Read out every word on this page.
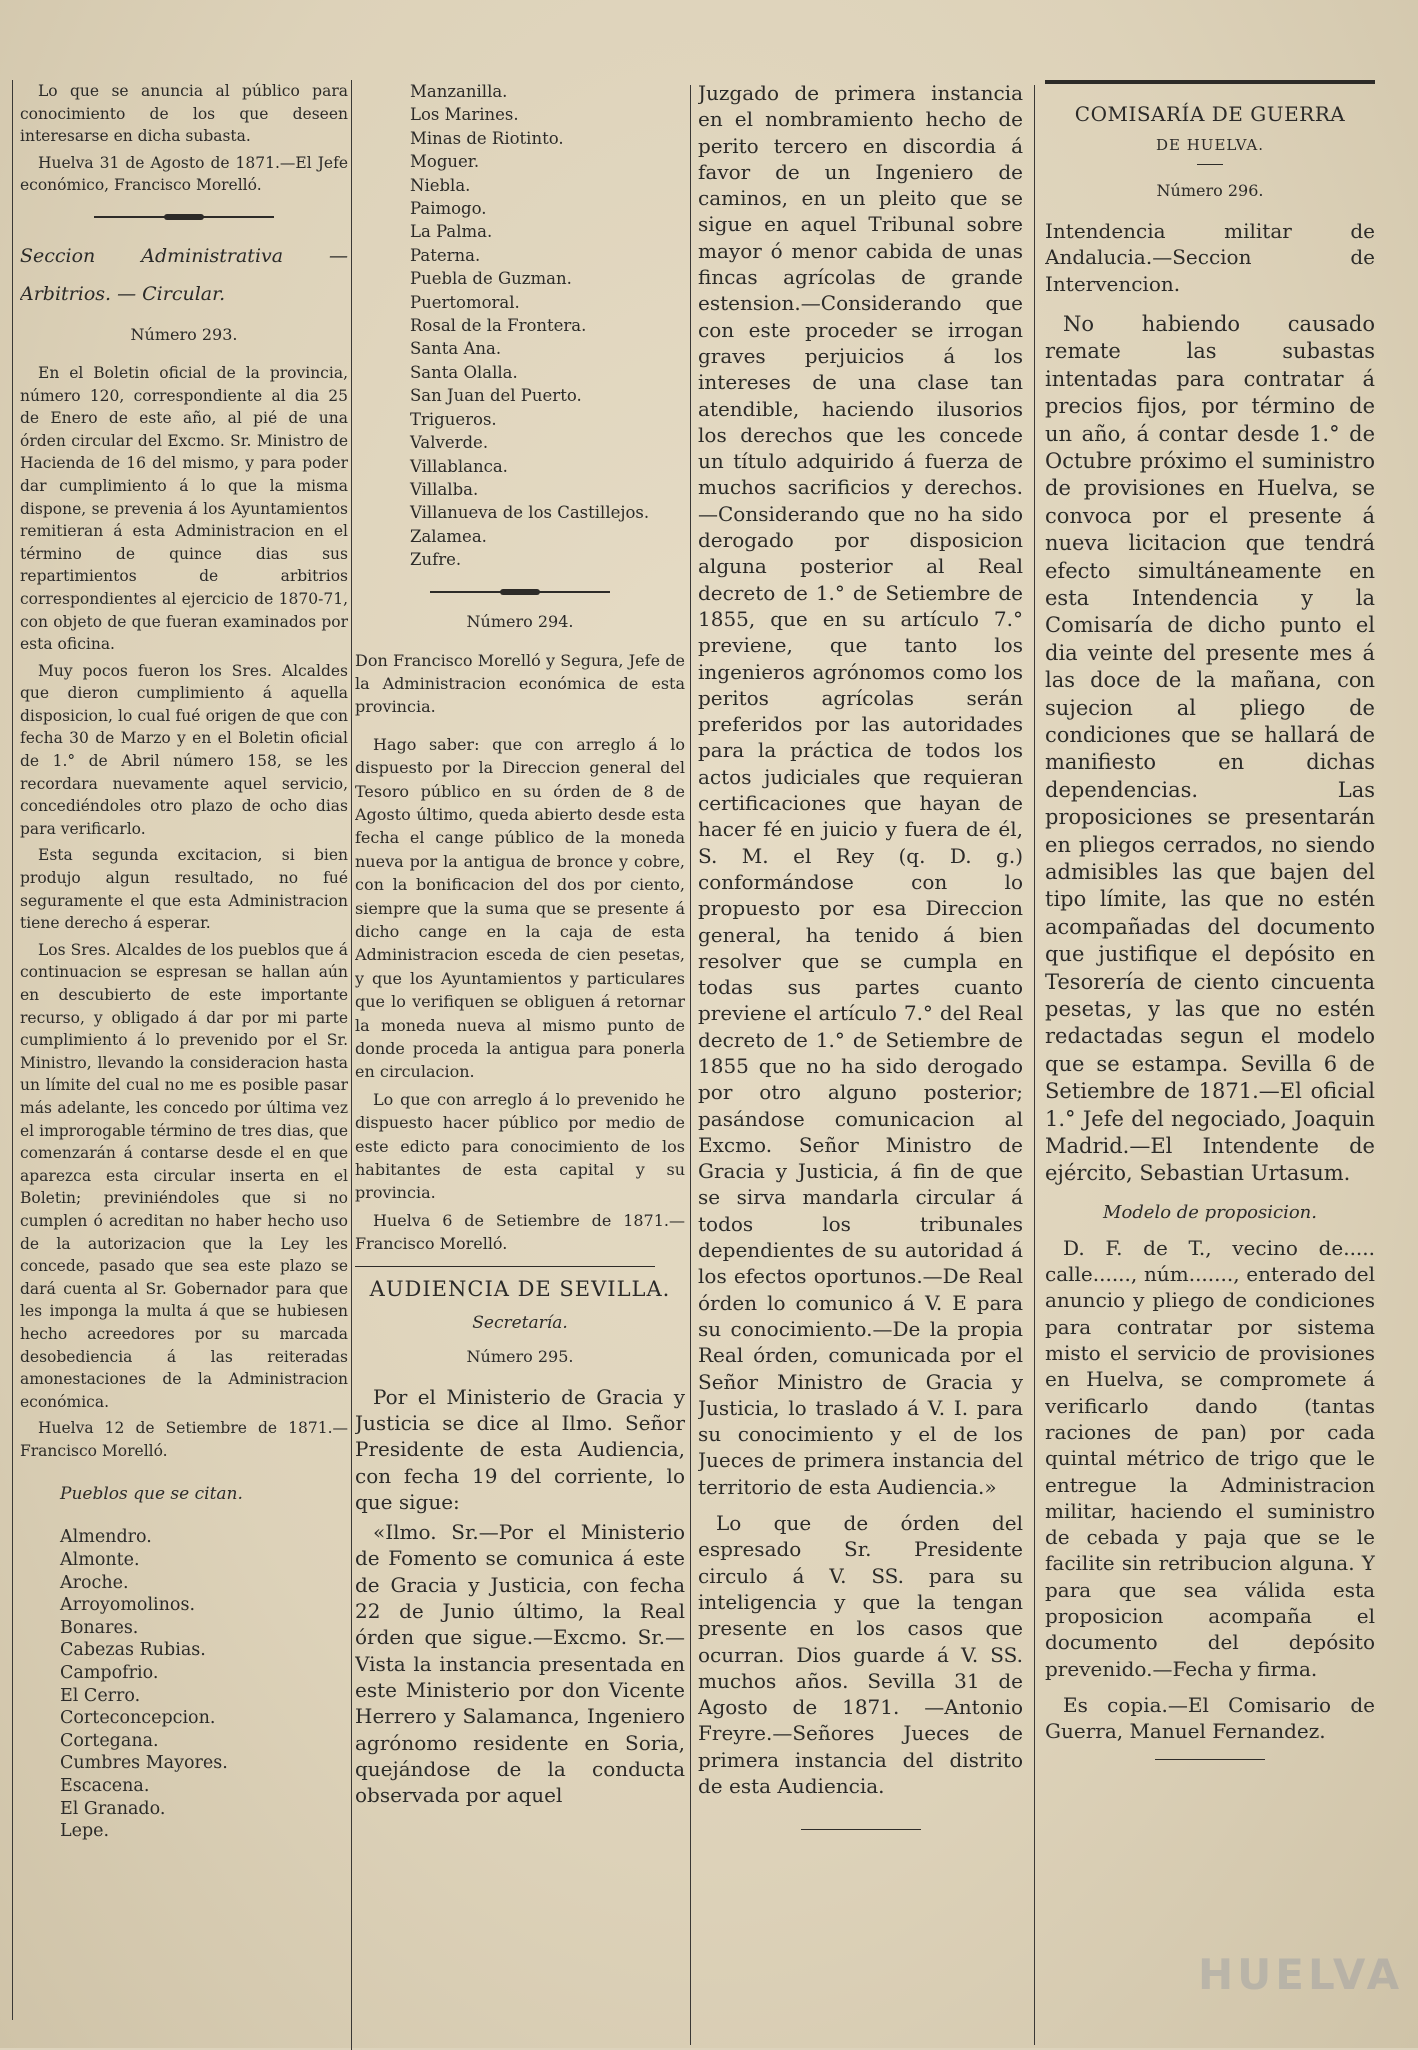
Lo que se anuncia al público para conocimiento de los que deseen interesarse en dicha subasta.

Huelva 31 de Agosto de 1871.—El Jefe económico, Francisco Morelló.

Seccion Administrativa —Arbitrios. — Circular.

Número 293.

En el Boletin oficial de la provincia, número 120, correspondiente al dia 25 de Enero de este año, al pié de una órden circular del Excmo. Sr. Ministro de Hacienda de 16 del mismo, y para poder dar cumplimiento á lo que la misma dispone, se prevenia á los Ayuntamientos remitieran á esta Administracion en el término de quince dias sus repartimientos de arbitrios correspondientes al ejercicio de 1870-71, con objeto de que fueran examinados por esta oficina.

Muy pocos fueron los Sres. Alcaldes que dieron cumplimiento á aquella disposicion, lo cual fué origen de que con fecha 30 de Marzo y en el Boletin oficial de 1.° de Abril número 158, se les recordara nuevamente aquel servicio, concediéndoles otro plazo de ocho dias para verificarlo.

Esta segunda excitacion, si bien produjo algun resultado, no fué seguramente el que esta Administracion tiene derecho á esperar.

Los Sres. Alcaldes de los pueblos que á continuacion se espresan se hallan aún en descubierto de este importante recurso, y obligado á dar por mi parte cumplimiento á lo prevenido por el Sr. Ministro, llevando la consideracion hasta un límite del cual no me es posible pasar más adelante, les concedo por última vez el improrogable término de tres dias, que comenzarán á contarse desde el en que aparezca esta circular inserta en el Boletin; previniéndoles que si no cumplen ó acreditan no haber hecho uso de la autorizacion que la Ley les concede, pasado que sea este plazo se dará cuenta al Sr. Gobernador para que les imponga la multa á que se hubiesen hecho acreedores por su marcada desobediencia á las reiteradas amonestaciones de la Administracion económica.

Huelva 12 de Setiembre de 1871.—Francisco Morelló.

Pueblos que se citan.

Almendro.
Almonte.
Aroche.
Arroyomolinos.
Bonares.
Cabezas Rubias.
Campofrio.
El Cerro.
Corteconcepcion.
Cortegana.
Cumbres Mayores.
Escacena.
El Granado.
Lepe.
Manzanilla.
Los Marines.
Minas de Riotinto.
Moguer.
Niebla.
Paimogo.
La Palma.
Paterna.
Puebla de Guzman.
Puertomoral.
Rosal de la Frontera.
Santa Ana.
Santa Olalla.
San Juan del Puerto.
Trigueros.
Valverde.
Villablanca.
Villalba.
Villanueva de los Castillejos.
Zalamea.
Zufre.

Número 294.

Don Francisco Morelló y Segura, Jefe de la Administracion económica de esta provincia.

Hago saber: que con arreglo á lo dispuesto por la Direccion general del Tesoro público en su órden de 8 de Agosto último, queda abierto desde esta fecha el cange público de la moneda nueva por la antigua de bronce y cobre, con la bonificacion del dos por ciento, siempre que la suma que se presente á dicho cange en la caja de esta Administracion esceda de cien pesetas, y que los Ayuntamientos y particulares que lo verifiquen se obliguen á retornar la moneda nueva al mismo punto de donde proceda la antigua para ponerla en circulacion.

Lo que con arreglo á lo prevenido he dispuesto hacer público por medio de este edicto para conocimiento de los habitantes de esta capital y su provincia.

Huelva 6 de Setiembre de 1871.—Francisco Morelló.

AUDIENCIA DE SEVILLA.

Secretaría.

Número 295.

Por el Ministerio de Gracia y Justicia se dice al Ilmo. Señor Presidente de esta Audiencia, con fecha 19 del corriente, lo que sigue:

«Ilmo. Sr.—Por el Ministerio de Fomento se comunica á este de Gracia y Justicia, con fecha 22 de Junio último, la Real órden que sigue.—Excmo. Sr.—Vista la instancia presentada en este Ministerio por don Vicente Herrero y Salamanca, Ingeniero agrónomo residente en Soria, quejándose de la conducta observada por aquel

Juzgado de primera instancia en el nombramiento hecho de perito tercero en discordia á favor de un Ingeniero de caminos, en un pleito que se sigue en aquel Tribunal sobre mayor ó menor cabida de unas fincas agrícolas de grande estension.—Considerando que con este proceder se irrogan graves perjuicios á los intereses de una clase tan atendible, haciendo ilusorios los derechos que les concede un título adquirido á fuerza de muchos sacrificios y derechos.—Considerando que no ha sido derogado por disposicion alguna posterior al Real decreto de 1.° de Setiembre de 1855, que en su artículo 7.° previene, que tanto los ingenieros agrónomos como los peritos agrícolas serán preferidos por las autoridades para la práctica de todos los actos judiciales que requieran certificaciones que hayan de hacer fé en juicio y fuera de él, S. M. el Rey (q. D. g.) conformándose con lo propuesto por esa Direccion general, ha tenido á bien resolver que se cumpla en todas sus partes cuanto previene el artículo 7.° del Real decreto de 1.° de Setiembre de 1855 que no ha sido derogado por otro alguno posterior; pasándose comunicacion al Excmo. Señor Ministro de Gracia y Justicia, á fin de que se sirva mandarla circular á todos los tribunales dependientes de su autoridad á los efectos oportunos.—De Real órden lo comunico á V. E para su conocimiento.—De la propia Real órden, comunicada por el Señor Ministro de Gracia y Justicia, lo traslado á V. I. para su conocimiento y el de los Jueces de primera instancia del territorio de esta Audiencia.»

Lo que de órden del espresado Sr. Presidente circulo á V. SS. para su inteligencia y que la tengan presente en los casos que ocurran. Dios guarde á V. SS. muchos años. Sevilla 31 de Agosto de 1871. —Antonio Freyre.—Señores Jueces de primera instancia del distrito de esta Audiencia.

COMISARÍA DE GUERRA

DE HUELVA.

Número 296.

Intendencia militar de Andalucia.—Seccion de Intervencion.

No habiendo causado remate las subastas intentadas para contratar á precios fijos, por término de un año, á contar desde 1.° de Octubre próximo el suministro de provisiones en Huelva, se convoca por el presente á nueva licitacion que tendrá efecto simultáneamente en esta Intendencia y la Comisaría de dicho punto el dia veinte del presente mes á las doce de la mañana, con sujecion al pliego de condiciones que se hallará de manifiesto en dichas dependencias. Las proposiciones se presentarán en pliegos cerrados, no siendo admisibles las que bajen del tipo límite, las que no estén acompañadas del documento que justifique el depósito en Tesorería de ciento cincuenta pesetas, y las que no estén redactadas segun el modelo que se estampa. Sevilla 6 de Setiembre de 1871.—El oficial 1.° Jefe del negociado, Joaquin Madrid.—El Intendente de ejército, Sebastian Urtasum.

Modelo de proposicion.

D. F. de T., vecino de..... calle......, núm......., enterado del anuncio y pliego de condiciones para contratar por sistema misto el servicio de provisiones en Huelva, se compromete á verificarlo dando (tantas raciones de pan) por cada quintal métrico de trigo que le entregue la Administracion militar, haciendo el suministro de cebada y paja que se le facilite sin retribucion alguna. Y para que sea válida esta proposicion acompaña el documento del depósito prevenido.—Fecha y firma.

Es copia.—El Comisario de Guerra, Manuel Fernandez.

HUELVA
